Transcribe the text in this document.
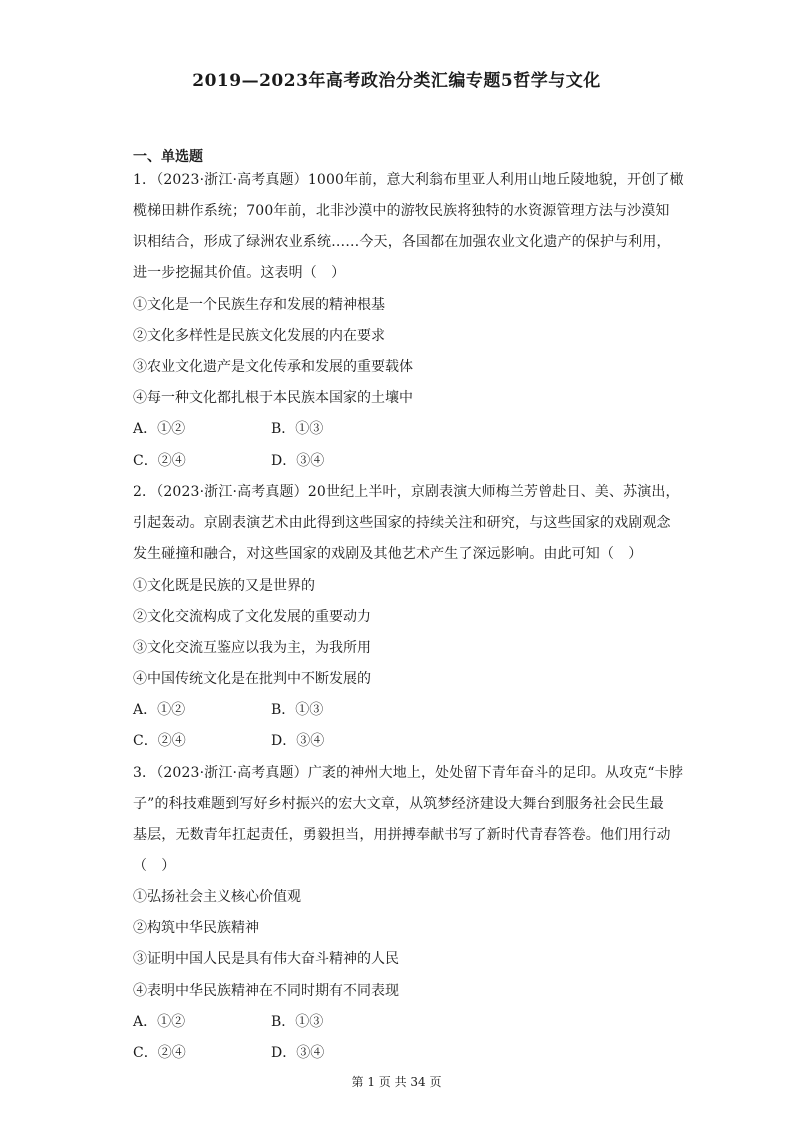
2019—2023年高考政治分类汇编专题5哲学与文化
一、单选题
1．（2023·浙江·高考真题）1000年前，意大利翁布里亚人利用山地丘陵地貌，开创了橄
榄梯田耕作系统；700年前，北非沙漠中的游牧民族将独特的水资源管理方法与沙漠知
识相结合，形成了绿洲农业系统……今天，各国都在加强农业文化遗产的保护与利用，
进一步挖掘其价值。这表明（　）
①文化是一个民族生存和发展的精神根基
②文化多样性是民族文化发展的内在要求
③农业文化遗产是文化传承和发展的重要载体
④每一种文化都扎根于本民族本国家的土壤中
A．①②	B．①③
C．②④	D．③④
2．（2023·浙江·高考真题）20世纪上半叶，京剧表演大师梅兰芳曾赴日、美、苏演出，
引起轰动。京剧表演艺术由此得到这些国家的持续关注和研究，与这些国家的戏剧观念
发生碰撞和融合，对这些国家的戏剧及其他艺术产生了深远影响。由此可知（　）
①文化既是民族的又是世界的
②文化交流构成了文化发展的重要动力
③文化交流互鉴应以我为主，为我所用
④中国传统文化是在批判中不断发展的
A．①②	B．①③
C．②④	D．③④
3．（2023·浙江·高考真题）广袤的神州大地上，处处留下青年奋斗的足印。从攻克“卡脖
子”的科技难题到写好乡村振兴的宏大文章，从筑梦经济建设大舞台到服务社会民生最
基层，无数青年扛起责任，勇毅担当，用拼搏奉献书写了新时代青春答卷。他们用行动
（　）
①弘扬社会主义核心价值观
②构筑中华民族精神
③证明中国人民是具有伟大奋斗精神的人民
④表明中华民族精神在不同时期有不同表现
A．①②	B．①③
C．②④	D．③④
第 1 页 共 34 页
